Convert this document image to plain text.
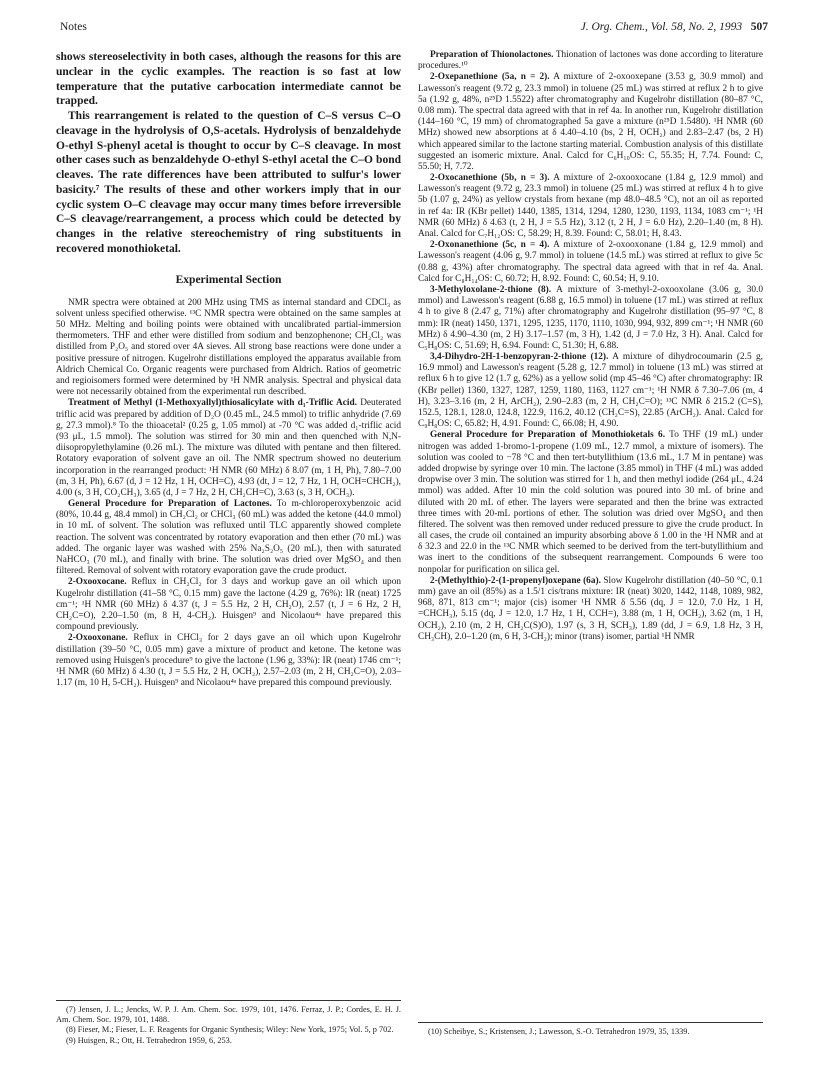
Notes	J. Org. Chem., Vol. 58, No. 2, 1993 507

shows stereoselectivity in both cases, although the reasons for this are unclear in the cyclic examples. The reaction is so fast at low temperature that the putative carbocation intermediate cannot be trapped.

This rearrangement is related to the question of C–S versus C–O cleavage in the hydrolysis of O,S-acetals. Hydrolysis of benzaldehyde O-ethyl S-phenyl acetal is thought to occur by C–S cleavage. In most other cases such as benzaldehyde O-ethyl S-ethyl acetal the C–O bond cleaves. The rate differences have been attributed to sulfur's lower basicity.⁷ The results of these and other workers imply that in our cyclic system O–C cleavage may occur many times before irreversible C–S cleavage/rearrangement, a process which could be detected by changes in the relative stereochemistry of ring substituents in recovered monothioketal.

Experimental Section

NMR spectra were obtained at 200 MHz using TMS as internal standard and CDCl₃ as solvent unless specified otherwise. ¹³C NMR spectra were obtained on the same samples at 50 MHz. Melting and boiling points were obtained with uncalibrated partial-immersion thermometers. THF and ether were distilled from sodium and benzophenone; CH₂Cl₂ was distilled from P₂O₅ and stored over 4A sieves. All strong base reactions were done under a positive pressure of nitrogen. Kugelrohr distillations employed the apparatus available from Aldrich Chemical Co. Organic reagents were purchased from Aldrich. Ratios of geometric and regioisomers formed were determined by ¹H NMR analysis. Spectral and physical data were not necessarily obtained from the experimental run described.

Treatment of Methyl (1-Methoxyallyl)thiosalicylate with d₁-Triflic Acid. Deuterated triflic acid was prepared by addition of D₂O (0.45 mL, 24.5 mmol) to triflic anhydride (7.69 g, 27.3 mmol).⁸ To the thioacetal² (0.25 g, 1.05 mmol) at -70 °C was added d₁-triflic acid (93 μL, 1.5 mmol). The solution was stirred for 30 min and then quenched with N,N-diisopropylethylamine (0.26 mL). The mixture was diluted with pentane and then filtered. Rotatory evaporation of solvent gave an oil. The NMR spectrum showed no deuterium incorporation in the rearranged product: ¹H NMR (60 MHz) δ 8.07 (m, 1 H, Ph), 7.80–7.00 (m, 3 H, Ph), 6.67 (d, J = 12 Hz, 1 H, OCH=C), 4.93 (dt, J = 12, 7 Hz, 1 H, OCH=CHCH₂), 4.00 (s, 3 H, CO₂CH₃), 3.65 (d, J = 7 Hz, 2 H, CH₂CH=C), 3.63 (s, 3 H, OCH₃).

General Procedure for Preparation of Lactones. To m-chloroperoxybenzoic acid (80%, 10.44 g, 48.4 mmol) in CH₂Cl₂ or CHCl₃ (60 mL) was added the ketone (44.0 mmol) in 10 mL of solvent. The solution was refluxed until TLC apparently showed complete reaction. The solvent was concentrated by rotatory evaporation and then ether (70 mL) was added. The organic layer was washed with 25% Na₂S₂O₅ (20 mL), then with saturated NaHCO₃ (70 mL), and finally with brine. The solution was dried over MgSO₄ and then filtered. Removal of solvent with rotatory evaporation gave the crude product.

2-Oxooxocane. Reflux in CH₂Cl₂ for 3 days and workup gave an oil which upon Kugelrohr distillation (41–58 °C, 0.15 mm) gave the lactone (4.29 g, 76%): IR (neat) 1725 cm⁻¹; ¹H NMR (60 MHz) δ 4.37 (t, J = 5.5 Hz, 2 H, CH₂O), 2.57 (t, J = 6 Hz, 2 H, CH₂C=O), 2.20–1.50 (m, 8 H, 4-CH₂). Huisgen⁹ and Nicolaou⁴ᵃ have prepared this compound previously.

2-Oxooxonane. Reflux in CHCl₃ for 2 days gave an oil which upon Kugelrohr distillation (39–50 °C, 0.05 mm) gave a mixture of product and ketone. The ketone was removed using Huisgen's procedure⁹ to give the lactone (1.96 g, 33%): IR (neat) 1746 cm⁻¹; ¹H NMR (60 MHz) δ 4.30 (t, J = 5.5 Hz, 2 H, OCH₂), 2.57–2.03 (m, 2 H, CH₂C=O), 2.03–1.17 (m, 10 H, 5-CH₂). Huisgen⁹ and Nicolaou⁴ᵃ have prepared this compound previously.

(7) Jensen, J. L.; Jencks, W. P. J. Am. Chem. Soc. 1979, 101, 1476. Ferraz, J. P.; Cordes, E. H. J. Am. Chem. Soc. 1979, 101, 1488.

(8) Fieser, M.; Fieser, L. F. Reagents for Organic Synthesis; Wiley: New York, 1975; Vol. 5, p 702.

(9) Huisgen, R.; Ott, H. Tetrahedron 1959, 6, 253.

Preparation of Thionolactones. Thionation of lactones was done according to literature procedures.¹⁰

2-Oxepanethione (5a, n = 2). A mixture of 2-oxooxepane (3.53 g, 30.9 mmol) and Lawesson's reagent (9.72 g, 23.3 mmol) in toluene (25 mL) was stirred at reflux 2 h to give 5a (1.92 g, 48%, n²⁵D 1.5522) after chromatography and Kugelrohr distillation (80–87 °C, 0.08 mm). The spectral data agreed with that in ref 4a. In another run, Kugelrohr distillation (144–160 °C, 19 mm) of chromatographed 5a gave a mixture (n²⁵D 1.5480). ¹H NMR (60 MHz) showed new absorptions at δ 4.40–4.10 (bs, 2 H, OCH₂) and 2.83–2.47 (bs, 2 H) which appeared similar to the lactone starting material. Combustion analysis of this distillate suggested an isomeric mixture. Anal. Calcd for C₆H₁₀OS: C, 55.35; H, 7.74. Found: C, 55.50; H, 7.72.

2-Oxocanethione (5b, n = 3). A mixture of 2-oxooxocane (1.84 g, 12.9 mmol) and Lawesson's reagent (9.72 g, 23.3 mmol) in toluene (25 mL) was stirred at reflux 4 h to give 5b (1.07 g, 24%) as yellow crystals from hexane (mp 48.0–48.5 °C), not an oil as reported in ref 4a: IR (KBr pellet) 1440, 1385, 1314, 1294, 1280, 1230, 1193, 1134, 1083 cm⁻¹; ¹H NMR (60 MHz) δ 4.63 (t, 2 H, J = 5.5 Hz), 3.12 (t, 2 H, J = 6.0 Hz), 2.20–1.40 (m, 8 H). Anal. Calcd for C₇H₁₂OS: C, 58.29; H, 8.39. Found: C, 58.01; H, 8.43.

2-Oxonanethione (5c, n = 4). A mixture of 2-oxooxonane (1.84 g, 12.9 mmol) and Lawesson's reagent (4.06 g, 9.7 mmol) in toluene (14.5 mL) was stirred at reflux to give 5c (0.88 g, 43%) after chromatography. The spectral data agreed with that in ref 4a. Anal. Calcd for C₈H₁₄OS: C, 60.72; H, 8.92. Found: C, 60.54; H, 9.10.

3-Methyloxolane-2-thione (8). A mixture of 3-methyl-2-oxooxolane (3.06 g, 30.0 mmol) and Lawesson's reagent (6.88 g, 16.5 mmol) in toluene (17 mL) was stirred at reflux 4 h to give 8 (2.47 g, 71%) after chromatography and Kugelrohr distillation (95–97 °C, 8 mm): IR (neat) 1450, 1371, 1295, 1235, 1170, 1110, 1030, 994, 932, 899 cm⁻¹; ¹H NMR (60 MHz) δ 4.90–4.30 (m, 2 H) 3.17–1.57 (m, 3 H), 1.42 (d, J = 7.0 Hz, 3 H). Anal. Calcd for C₅H₈OS: C, 51.69; H, 6.94. Found: C, 51.30; H, 6.88.

3,4-Dihydro-2H-1-benzopyran-2-thione (12). A mixture of dihydrocoumarin (2.5 g, 16.9 mmol) and Lawesson's reagent (5.28 g, 12.7 mmol) in toluene (13 mL) was stirred at reflux 6 h to give 12 (1.7 g, 62%) as a yellow solid (mp 45–46 °C) after chromatography: IR (KBr pellet) 1360, 1327, 1287, 1259, 1180, 1163, 1127 cm⁻¹; ¹H NMR δ 7.30–7.06 (m, 4 H), 3.23–3.16 (m, 2 H, ArCH₂), 2.90–2.83 (m, 2 H, CH₂C=O); ¹³C NMR δ 215.2 (C=S), 152.5, 128.1, 128.0, 124.8, 122.9, 116.2, 40.12 (CH₂C=S), 22.85 (ArCH₂). Anal. Calcd for C₉H₈OS: C, 65.82; H, 4.91. Found: C, 66.08; H, 4.90.

General Procedure for Preparation of Monothioketals 6. To THF (19 mL) under nitrogen was added 1-bromo-1-propene (1.09 mL, 12.7 mmol, a mixture of isomers). The solution was cooled to −78 °C and then tert-butyllithium (13.6 mL, 1.7 M in pentane) was added dropwise by syringe over 10 min. The lactone (3.85 mmol) in THF (4 mL) was added dropwise over 3 min. The solution was stirred for 1 h, and then methyl iodide (264 μL, 4.24 mmol) was added. After 10 min the cold solution was poured into 30 mL of brine and diluted with 20 mL of ether. The layers were separated and then the brine was extracted three times with 20-mL portions of ether. The solution was dried over MgSO₄ and then filtered. The solvent was then removed under reduced pressure to give the crude product. In all cases, the crude oil contained an impurity absorbing above δ 1.00 in the ¹H NMR and at δ 32.3 and 22.0 in the ¹³C NMR which seemed to be derived from the tert-butyllithium and was inert to the conditions of the subsequent rearrangement. Compounds 6 were too nonpolar for purification on silica gel.

2-(Methylthio)-2-(1-propenyl)oxepane (6a). Slow Kugelrohr distillation (40–50 °C, 0.1 mm) gave an oil (85%) as a 1.5/1 cis/trans mixture: IR (neat) 3020, 1442, 1148, 1089, 982, 968, 871, 813 cm⁻¹; major (cis) isomer ¹H NMR δ 5.56 (dq, J = 12.0, 7.0 Hz, 1 H, =CHCH₃), 5.15 (dq, J = 12.0, 1.7 Hz, 1 H, CCH=), 3.88 (m, 1 H, OCH₂), 3.62 (m, 1 H, OCH₂), 2.10 (m, 2 H, CH₂C(S)O), 1.97 (s, 3 H, SCH₃), 1.89 (dd, J = 6.9, 1.8 Hz, 3 H, CH₃CH), 2.0–1.20 (m, 6 H, 3-CH₂); minor (trans) isomer, partial ¹H NMR

(10) Scheibye, S.; Kristensen, J.; Lawesson, S.-O. Tetrahedron 1979, 35, 1339.
